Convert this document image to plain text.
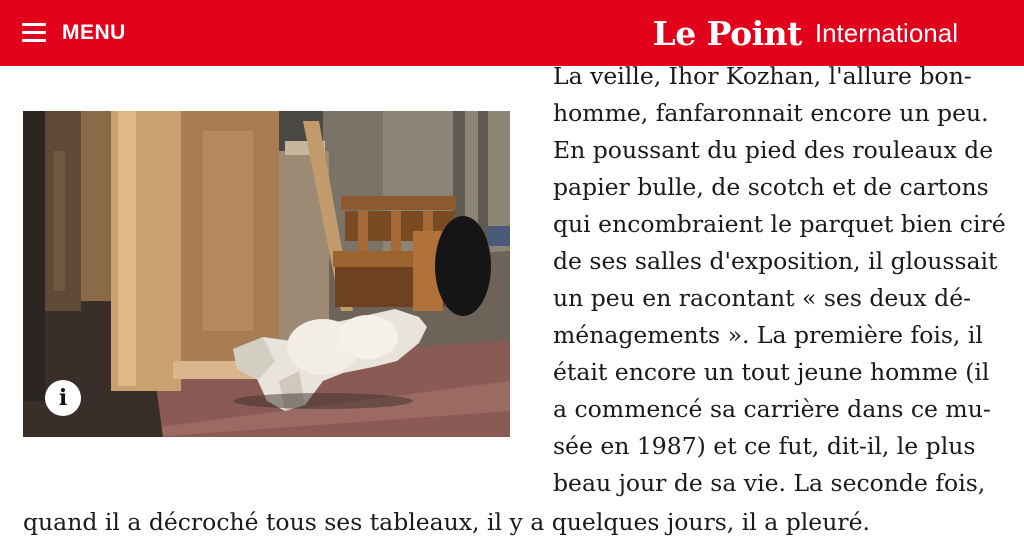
MENU	Le Point International
i
La veille, Ihor Kozhan, l'allure bon-
homme, fanfaronnait encore un peu.
En poussant du pied des rouleaux de
papier bulle, de scotch et de cartons
qui encombraient le parquet bien ciré
de ses salles d'exposition, il gloussait
un peu en racontant « ses deux dé-
ménagements ». La première fois, il
était encore un tout jeune homme (il
a commencé sa carrière dans ce mu-
sée en 1987) et ce fut, dit-il, le plus
beau jour de sa vie. La seconde fois,
quand il a décroché tous ses tableaux, il y a quelques jours, il a pleuré.
